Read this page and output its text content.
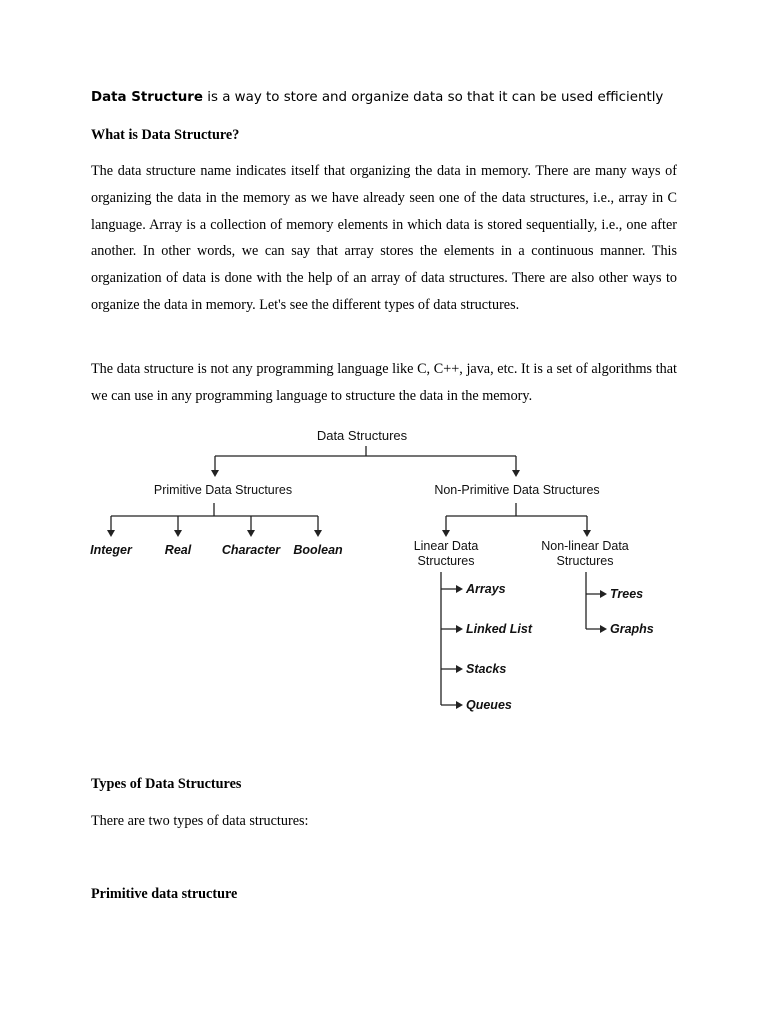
Data Structure is a way to store and organize data so that it can be used efficiently
What is Data Structure?

The data structure name indicates itself that organizing the data in memory. There are many ways of organizing the data in the memory as we have already seen one of the data structures, i.e., array in C language. Array is a collection of memory elements in which data is stored sequentially, i.e., one after another. In other words, we can say that array stores the elements in a continuous manner. This organization of data is done with the help of an array of data structures. There are also other ways to organize the data in memory. Let's see the different types of data structures.

The data structure is not any programming language like C, C++, java, etc. It is a set of algorithms that we can use in any programming language to structure the data in the memory.

Data Structures
Primitive Data Structures
Integer	Real Character Boolean
Non-Primitive Data Structures
Linear Data
Structures
Non-linear Data
Structures
Arrays
Linked List
Stacks
Queues
Trees
Graphs
Types of Data Structures
There are two types of data structures:
Primitive data structure
